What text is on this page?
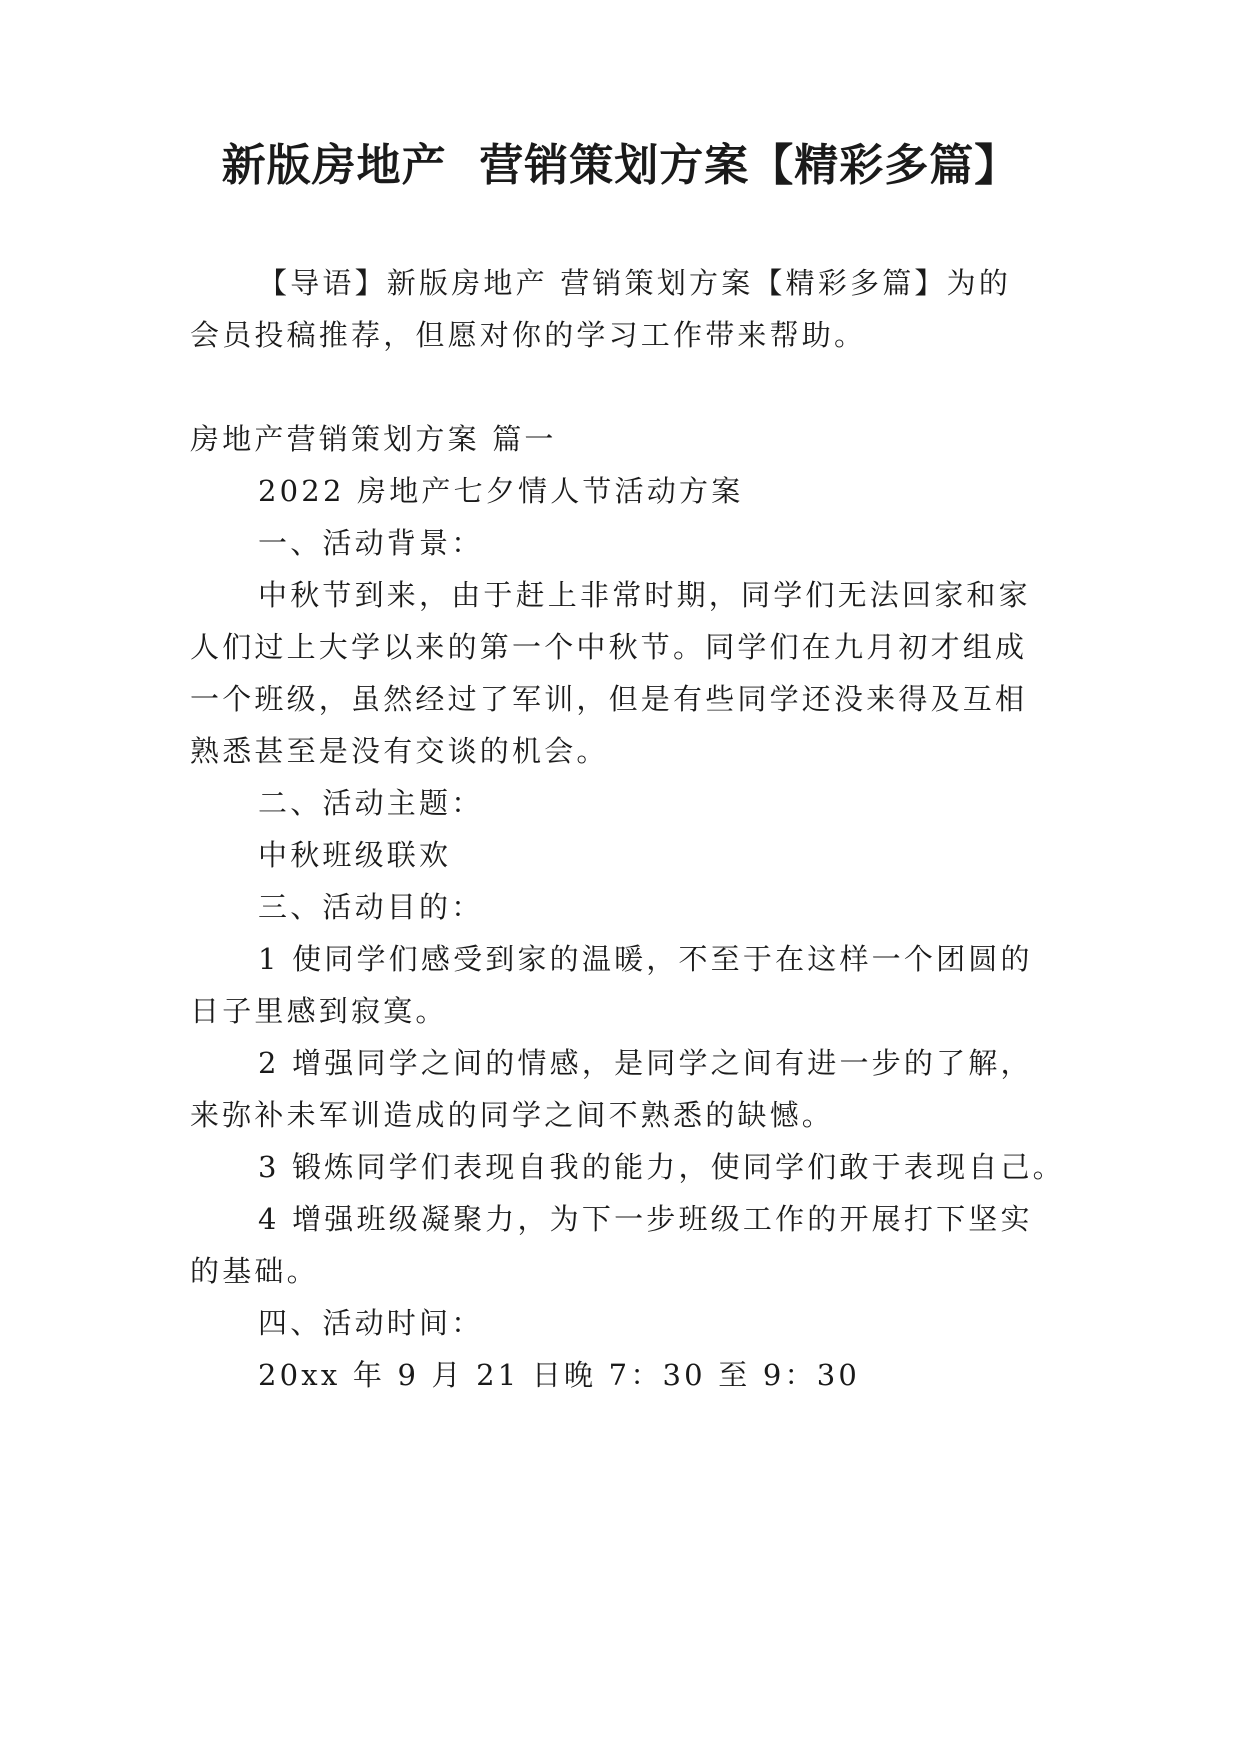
新版房地产  营销策划方案【精彩多篇】
【导语】新版房地产 营销策划方案【精彩多篇】为的
会员投稿推荐，但愿对你的学习工作带来帮助。
房地产营销策划方案 篇一
2022 房地产七夕情人节活动方案
一、活动背景：
中秋节到来，由于赶上非常时期，同学们无法回家和家
人们过上大学以来的第一个中秋节。同学们在九月初才组成
一个班级，虽然经过了军训，但是有些同学还没来得及互相
熟悉甚至是没有交谈的机会。
二、活动主题：
中秋班级联欢
三、活动目的：
1 使同学们感受到家的温暖，不至于在这样一个团圆的
日子里感到寂寞。
2 增强同学之间的情感，是同学之间有进一步的了解，
来弥补未军训造成的同学之间不熟悉的缺憾。
3 锻炼同学们表现自我的能力，使同学们敢于表现自己。
4 增强班级凝聚力，为下一步班级工作的开展打下坚实
的基础。
四、活动时间：
20xx 年 9 月 21 日晚 7：30 至 9：30
